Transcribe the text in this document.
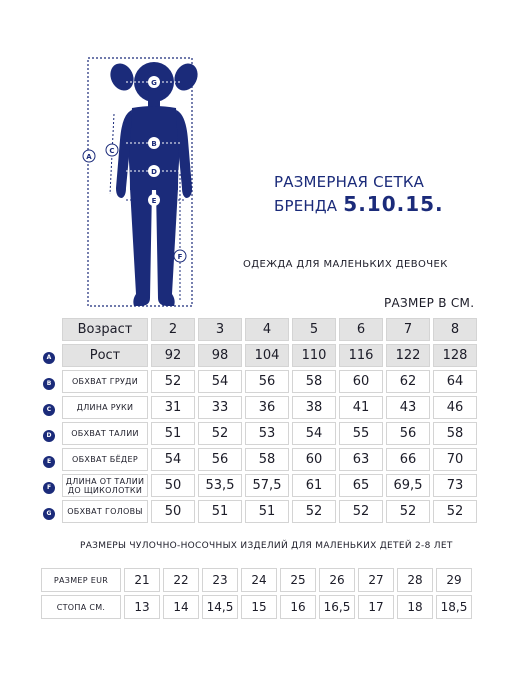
G
A
C
B
D
E
F
РАЗМЕРНАЯ СЕТКА
БРЕНДА 5.10.15.
ОДЕЖДА ДЛЯ МАЛЕНЬКИХ ДЕВОЧЕК
РАЗМЕР В СМ.
	Возраст	2	3	4	5	6	7	8
A	Рост	92	98	104	110	116	122	128
B	ОБХВАТ ГРУДИ	52	54	56	58	60	62	64
C	ДЛИНА РУКИ	31	33	36	38	41	43	46
D	ОБХВАТ ТАЛИИ	51	52	53	54	55	56	58
E	ОБХВАТ БЁДЕР	54	56	58	60	63	66	70
F	ДЛИНА ОТ ТАЛИИ ДО ЩИКОЛОТКИ	50	53,5	57,5	61	65	69,5	73
G	ОБХВАТ ГОЛОВЫ	50	51	51	52	52	52	52
РАЗМЕРЫ ЧУЛОЧНО-НОСОЧНЫХ ИЗДЕЛИЙ ДЛЯ МАЛЕНЬКИХ ДЕТЕЙ 2-8 ЛЕТ
РАЗМЕР EUR	21	22	23	24	25	26	27	28	29
СТОПА СМ.	13	14	14,5	15	16	16,5	17	18	18,5
